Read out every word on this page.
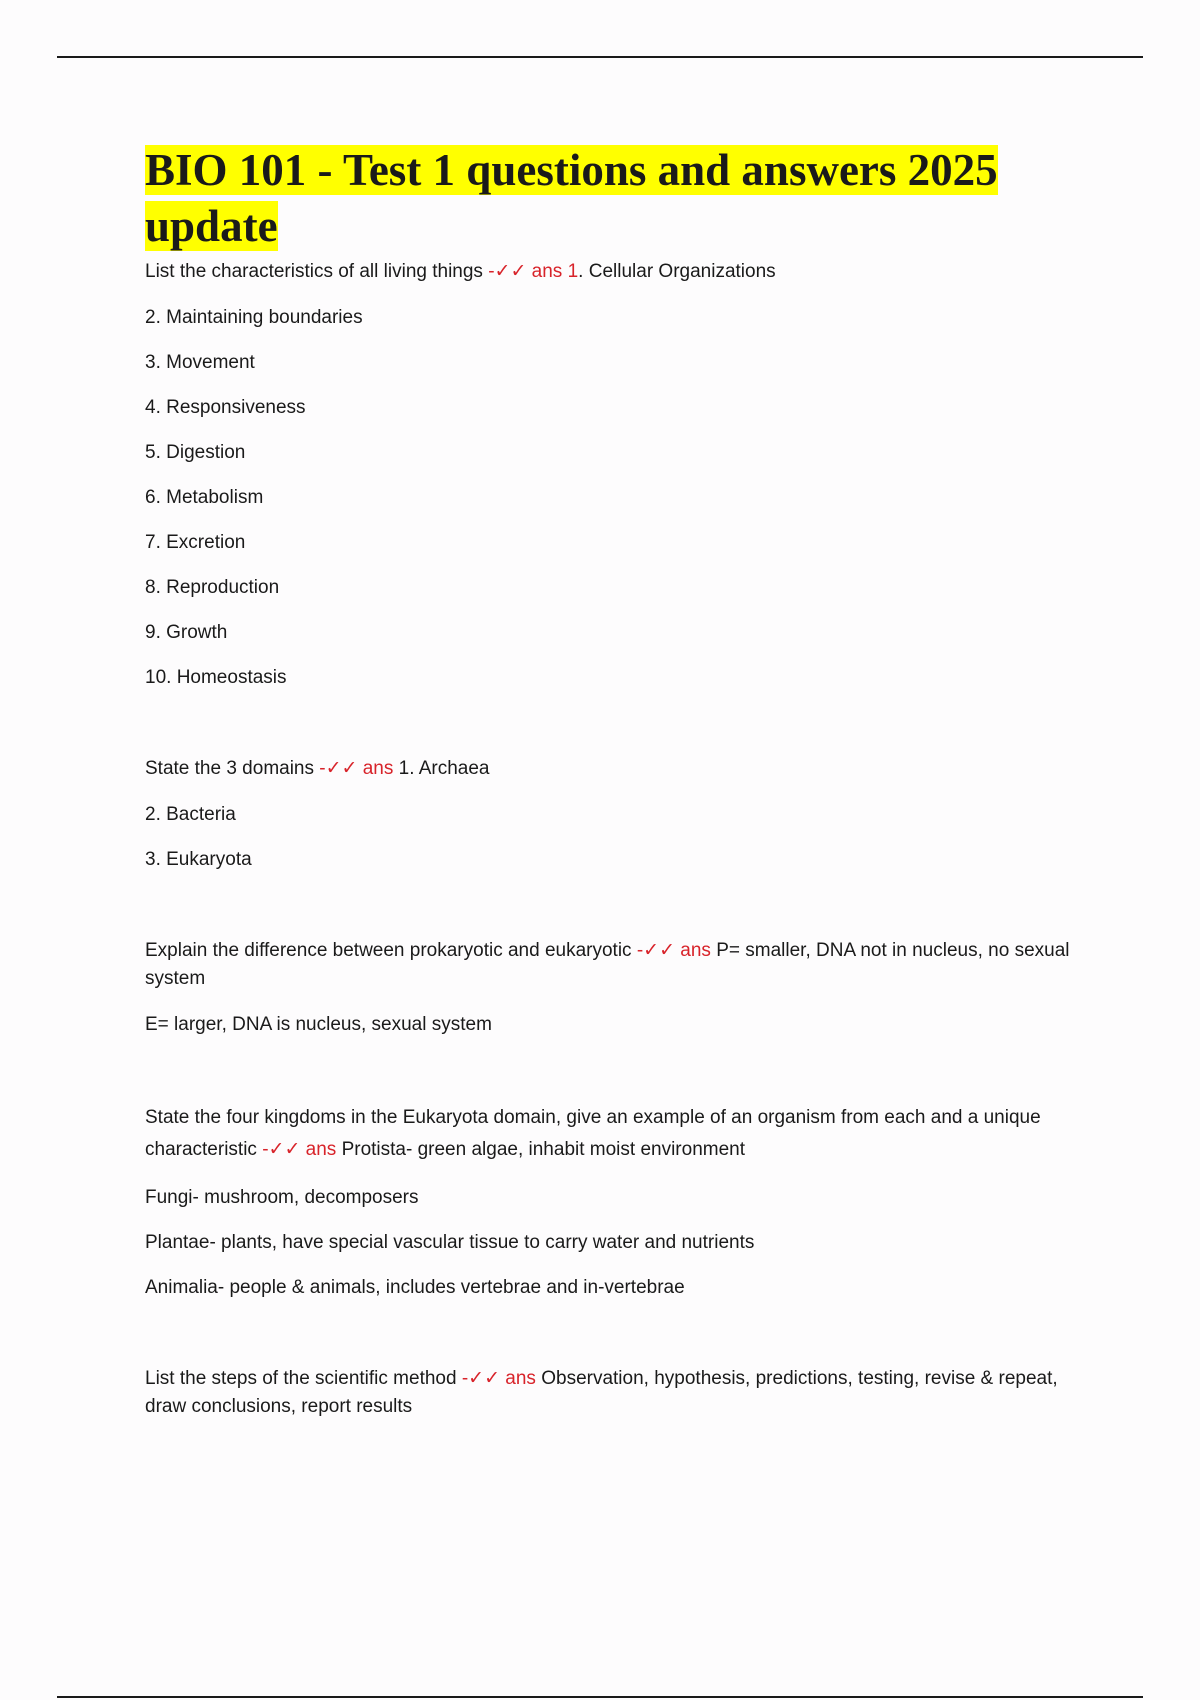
BIO 101 - Test 1 questions and answers 2025 update

List the characteristics of all living things -✓✓ ans 1. Cellular Organizations

2. Maintaining boundaries

3. Movement

4. Responsiveness

5. Digestion

6. Metabolism

7. Excretion

8. Reproduction

9. Growth

10. Homeostasis

State the 3 domains -✓✓ ans 1. Archaea

2. Bacteria

3. Eukaryota

Explain the difference between prokaryotic and eukaryotic -✓✓ ans P= smaller, DNA not in nucleus, no sexual system

E= larger, DNA is nucleus, sexual system

State the four kingdoms in the Eukaryota domain, give an example of an organism from each and a unique characteristic -✓✓ ans Protista- green algae, inhabit moist environment

Fungi- mushroom, decomposers

Plantae- plants, have special vascular tissue to carry water and nutrients

Animalia- people & animals, includes vertebrae and in-vertebrae

List the steps of the scientific method -✓✓ ans Observation, hypothesis, predictions, testing, revise & repeat, draw conclusions, report results
